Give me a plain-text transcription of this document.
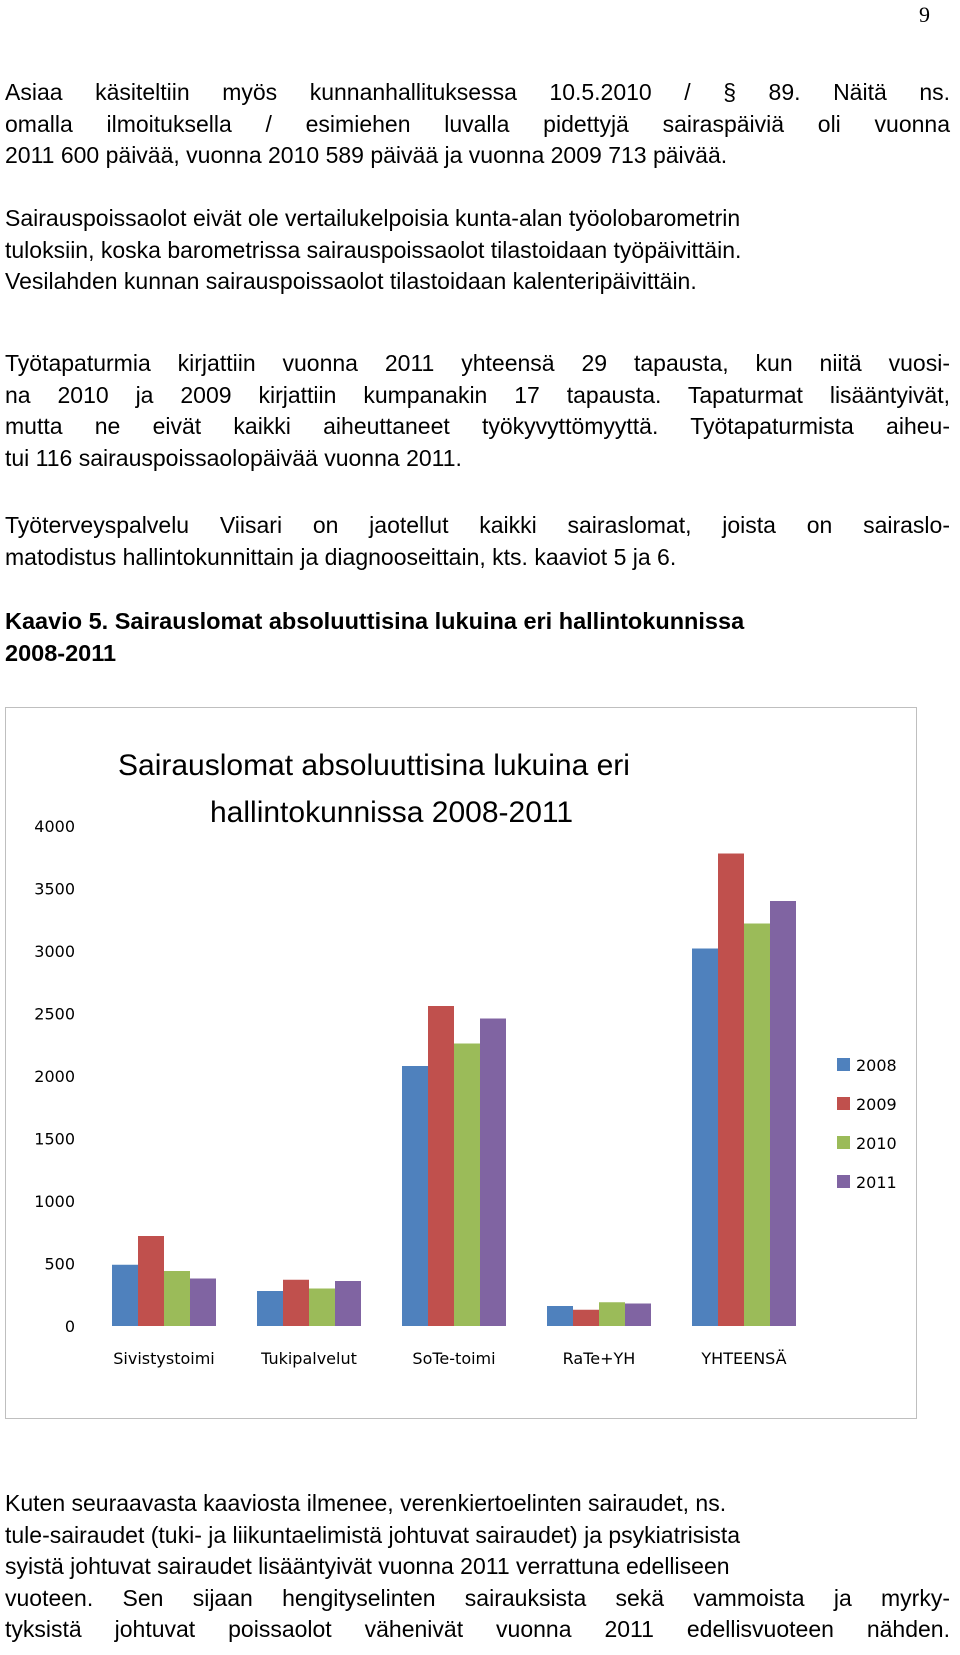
9
Asiaa käsiteltiin myös kunnanhallituksessa 10.5.2010 / § 89. Näitä ns.
omalla ilmoituksella / esimiehen luvalla pidettyjä sairaspäiviä oli vuonna
2011 600 päivää, vuonna 2010 589 päivää ja vuonna 2009 713 päivää.
Sairauspoissaolot eivät ole vertailukelpoisia kunta-alan työolobarometrin
tuloksiin, koska barometrissa sairauspoissaolot tilastoidaan työpäivittäin.
Vesilahden kunnan sairauspoissaolot tilastoidaan kalenteripäivittäin.
Työtapaturmia kirjattiin vuonna 2011 yhteensä 29 tapausta, kun niitä vuosi-
na 2010 ja 2009 kirjattiin kumpanakin 17 tapausta. Tapaturmat lisääntyivät,
mutta ne eivät kaikki aiheuttaneet työkyvyttömyyttä. Työtapaturmista aiheu-
tui 116 sairauspoissaolopäivää vuonna 2011.
Työterveyspalvelu Viisari on jaotellut kaikki sairaslomat, joista on sairaslo-
matodistus hallintokunnittain ja diagnooseittain, kts. kaaviot 5 ja 6.
Kaavio 5. Sairauslomat absoluuttisina lukuina eri hallintokunnissa
2008-2011
Sairauslomat absoluuttisina lukuina eri
hallintokunnissa 2008-2011
0
500
1000
1500
2000
2500
3000
3500
4000
Sivistystoimi	Tukipalvelut	SoTe-toimi	RaTe+YH	YHTEENSÄ
2008
2009
2010
2011
Kuten seuraavasta kaaviosta ilmenee, verenkiertoelinten sairaudet, ns.
tule-sairaudet (tuki- ja liikuntaelimistä johtuvat sairaudet) ja psykiatrisista
syistä johtuvat sairaudet lisääntyivät vuonna 2011 verrattuna edelliseen
vuoteen. Sen sijaan hengityselinten sairauksista sekä vammoista ja myrky-
tyksistä johtuvat poissaolot vähenivät vuonna 2011 edellisvuoteen nähden.
